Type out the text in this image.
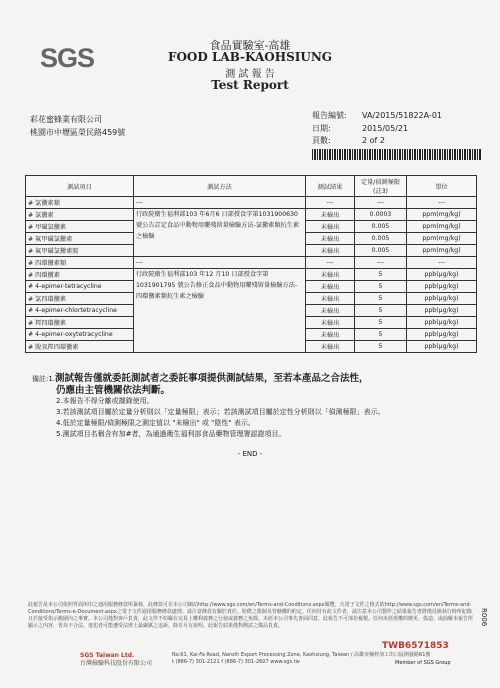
SGS	食品實驗室-高雄
FOOD LAB-KAOHSIUNG
測 試 報 告
Test Report
彩花蜜蜂業有限公司
桃園市中壢區榮民路459號
報告編號: VA/2015/51822A-01
日期:	2015/05/21
頁數:	2 of 2
測試項目	測試方法	測試結果	定量/偵測極限(註3)	單位
# 氯黴素類	---	---	---	---
# 氯黴素	行政院衛生福利部103 年6月6 日部授食字第1031900630 號公告訂定食品中動物用藥殘留量檢驗方法-氯黴素類抗生素之檢驗	未檢出	0.0003	ppm(mg/kg)
# 甲磺氯黴素		未檢出	0.005	ppm(mg/kg)
# 氟甲磺氯黴素		未檢出	0.005	ppm(mg/kg)
# 氟甲磺氯黴素胺		未檢出	0.005	ppm(mg/kg)
# 四環黴素類	---	---	---	---
# 四環黴素	行政院衛生福利部103 年12 月10 日部授食字第1031901795 號公告修正食品中動物用藥殘留量檢驗方法-四環黴素類抗生素之檢驗	未檢出	5	ppb(μg/kg)
# 4-epimer-tetracycline		未檢出	5	ppb(μg/kg)
# 氯四環黴素		未檢出	5	ppb(μg/kg)
# 4-epimer-chlortetracycline		未檢出	5	ppb(μg/kg)
# 羥四環黴素		未檢出	5	ppb(μg/kg)
# 4-epimer-oxytetracycline		未檢出	5	ppb(μg/kg)
# 脫氧羥四環黴素		未檢出	5	ppb(μg/kg)
備註:1.測試報告僅就委託測試者之委託事項提供測試結果，至若本產品之合法性，
仍應由主管機關依法判斷。
2.本報告不得分離或擷錄使用。
3.若該測試項目屬於定量分析則以「定量極限」表示；若該測試項目屬於定性分析則以「偵測極限」表示。
4.低於定量極限/偵測極限之測定值以 "未檢出" 或 "陰性" 表示。
5.測試項目名稱含有加#者，為通過衛生福利部食品藥物管理署認證項目。
- END -
此報告是本公司依照背面所印之通用服務條款所簽發，此條款可在本公司網站http://www.sgs.com/en/Terms-and-Conditions.aspx閱覽，凡電子文件之格式依http://www.sgs.com/en/Terms-and-Conditions/Terms-e-Document.aspx之電子文件通用服務條款處理。請注意條款有關於責任、賠償之限制及管轄權的約定。任何持有此文件者，請注意本公司製作之結果報告書將僅反映執行時所紀錄且於接受指示範圍內之事實。本公司僅對客戶負責，此文件不妨礙在交易上權利義務之行使或義務之免除。未經本公司事先書面同意，此報告不可部份複製。任何未經授權的變更、偽造、或曲解本報告所顯示之內容，皆為不合法，違犯者可能遭受法律上最嚴厲之追訴。除非另有說明，此報告結果僅對測試之樣品負責。
TWB6571853
SGS Taiwan Ltd.
台灣檢驗科技股份有限公司
No.61, Kai-Fa Road, Nanzih Export Processing Zone, Kaohsiung, Taiwan / 高雄市楠梓加工出口區開發路61號
t (886-7) 301-2121 f (886-7) 301-2607 www.sgs.tw	Member of SGS Group
R006
